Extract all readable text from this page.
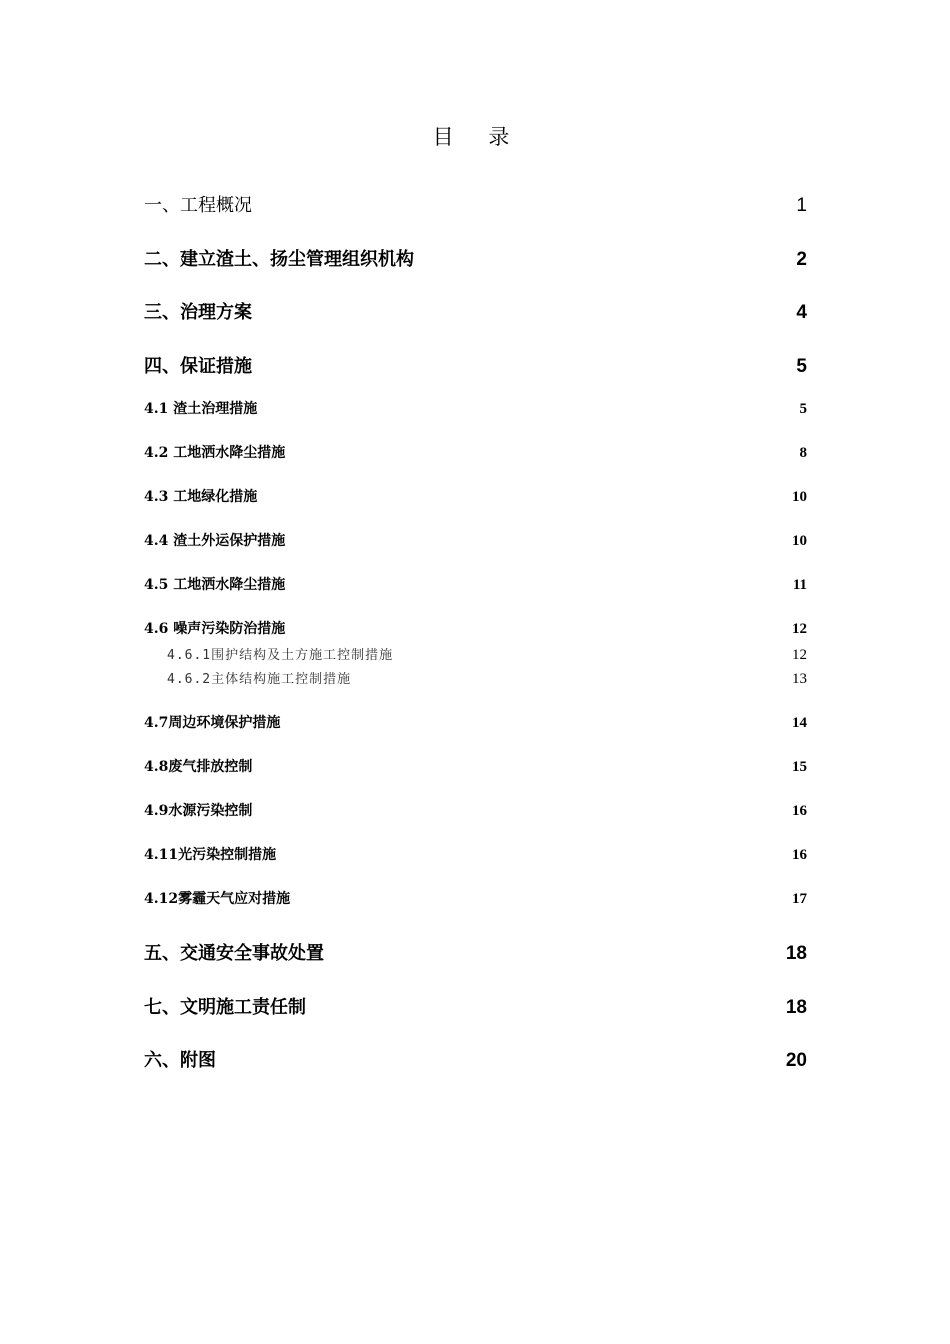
目 录
一、工程概况	1
二、建立渣土、扬尘管理组织机构	2
三、治理方案	4
四、保证措施	5
4.1 渣土治理措施	5
4.2 工地洒水降尘措施	8
4.3 工地绿化措施	10
4.4 渣土外运保护措施	10
4.5 工地洒水降尘措施	11
4.6 噪声污染防治措施	12
4.6.1围护结构及土方施工控制措施	12
4.6.2主体结构施工控制措施	13
4.7周边环境保护措施	14
4.8废气排放控制	15
4.9水源污染控制	16
4.11光污染控制措施	16
4.12雾霾天气应对措施	17
五、交通安全事故处置	18
七、文明施工责任制	18
六、附图	20
